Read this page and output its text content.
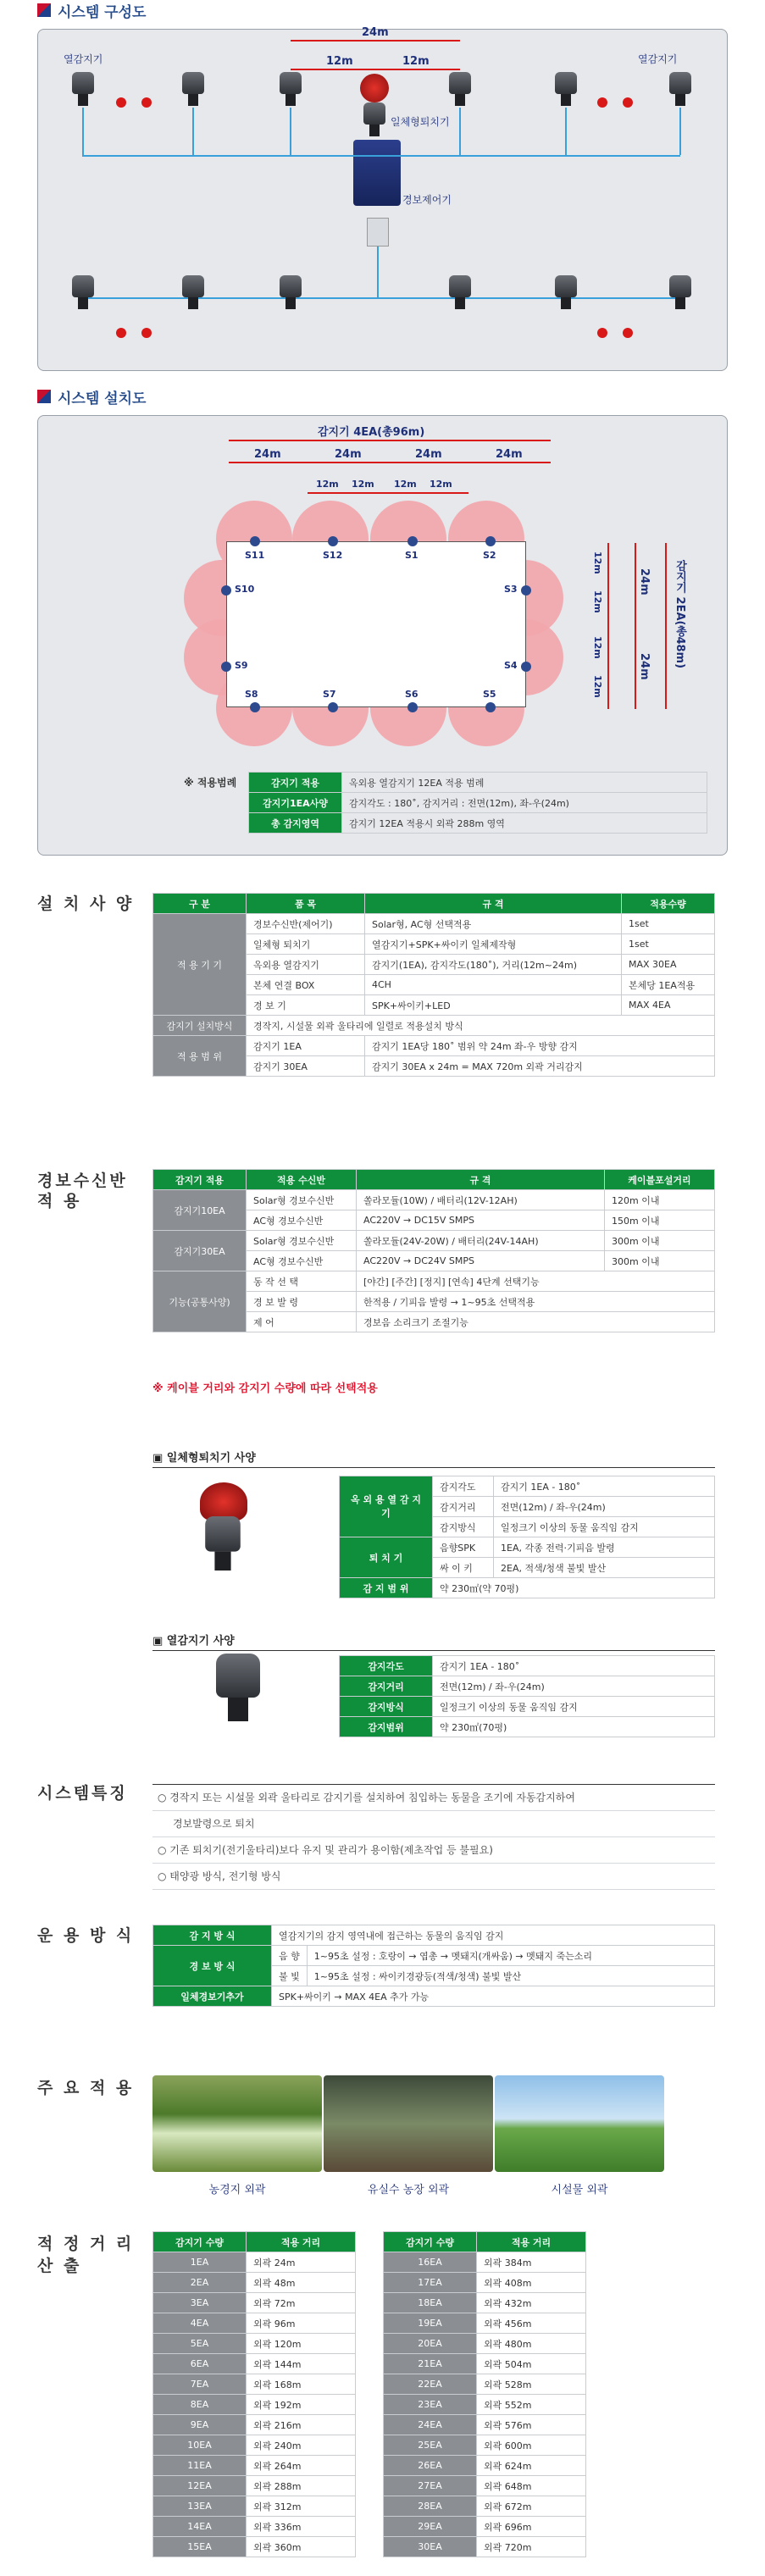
시스템 구성도
열감지기	열감지기
24m
12m	12m
일체형퇴치기
경보제어기
시스템 설치도
감지기 4EA(총96m)
24m	24m	24m	24m
12m 12m 12m 12m
S11	S12	S1	S2
S10	S3
S9	S4
S8	S7	S6	S5
12m
12m
12m
12m
24m
24m 감지기 2EA(총48m)
※ 적용범례	감지기 적용	옥외용 열감지기 12EA 적용 범례
감지기1EA사양	감지각도 : 180˚, 감지거리 : 전면(12m), 좌-우(24m)
총 감지영역	감지기 12EA 적용시 외곽 288m 영역
설 치 사 양	구 분	품 목	규 격	적용수량
적 용 기 기	경보수신반(제어기)	Solar형, AC형 선택적용	1set
	일체형 퇴치기	열감지기+SPK+싸이키 일체제작형	1set
	옥외용 열감지기	감지기(1EA), 감지각도(180˚), 거리(12m~24m)	MAX 30EA
	본체 연결 BOX	4CH	본체당 1EA적용
	경 보 기	SPK+싸이키+LED	MAX 4EA
감지기 설치방식	경작지, 시설물 외곽 울타리에 일렬로 적용설치 방식		
적 용 범 위	감지기 1EA	감지기 1EA당 180˚ 범위 약 24m 좌-우 방향 감지	
	감지기 30EA	감지기 30EA x 24m = MAX 720m 외곽 거리감지	
경보수신반 적 용
감지기 적용	적용 수신반	규 격	케이블포설거리
감지기10EA	Solar형 경보수신반	쏠라모듈(10W) / 배터리(12V-12AH)	120m 이내
	AC형 경보수신반	AC220V → DC15V SMPS	150m 이내
감지기30EA	Solar형 경보수신반	쏠라모듈(24V-20W) / 배터리(24V-14AH)	300m 이내
	AC형 경보수신반	AC220V → DC24V SMPS	300m 이내
기능(공통사양)	동 작 선 택	[야간] [주간] [정지] [연속] 4단계 선택기능	
	경 보 발 령	한적용 / 기피음 발령 → 1~95초 선택적용	
	제 어	경보음 소리크기 조절기능	
※ 케이블 거리와 감지기 수량에 따라 선택적용
▣ 일체형퇴치기 사양
옥 외 용 열 감 지 기	감지각도	감지기 1EA - 180˚
	감지거리	전면(12m) / 좌-우(24m)
	감지방식	일정크기 이상의 동물 움직임 감지
퇴 치 기	음향SPK	1EA, 각종 전력·기피음 발령
	싸 이 키	2EA, 적색/청색 불빛 발산
감 지 범 위	약 230㎡(약 70평)	
▣ 열감지기 사양
감지각도	감지기 1EA - 180˚
감지거리	전면(12m) / 좌-우(24m)
감지방식	일정크기 이상의 동물 움직임 감지
감지범위	약 230㎡(70평)
시스템특징	○ 경작지 또는 시설물 외곽 울타리로 감지기를 설치하여 침입하는 동물을 조기에 자동감지하여
경보발령으로 퇴치
○ 기존 퇴치기(전기울타리)보다 유지 및 관리가 용이함(제초작업 등 불필요)
○ 태양광 방식, 전기형 방식
운 용 방 식	감 지 방 식	열감지기의 감지 영역내에 접근하는 동물의 움직임 감지	
경 보 방 식	음 향	1~95초 설정 : 호랑이 → 엽총 → 멧돼지(개싸움) → 멧돼지 죽는소리
	불 빛	1~95초 설정 : 싸이키경광등(적색/청색) 불빛 발산
일체경보기추가	SPK+싸이키 → MAX 4EA 추가 가능	
주 요 적 용
농경지 외곽	유실수 농장 외곽	시설물 외곽
적 정 거 리 산 출
감지기 수량	적용 거리
1EA	외곽 24m
2EA	외곽 48m
3EA	외곽 72m
4EA	외곽 96m
5EA	외곽 120m
6EA	외곽 144m
7EA	외곽 168m
8EA	외곽 192m
9EA	외곽 216m
10EA	외곽 240m
11EA	외곽 264m
12EA	외곽 288m
13EA	외곽 312m
14EA	외곽 336m
15EA	외곽 360m
감지기 수량	적용 거리
16EA	외곽 384m
17EA	외곽 408m
18EA	외곽 432m
19EA	외곽 456m
20EA	외곽 480m
21EA	외곽 504m
22EA	외곽 528m
23EA	외곽 552m
24EA	외곽 576m
25EA	외곽 600m
26EA	외곽 624m
27EA	외곽 648m
28EA	외곽 672m
29EA	외곽 696m
30EA	외곽 720m
